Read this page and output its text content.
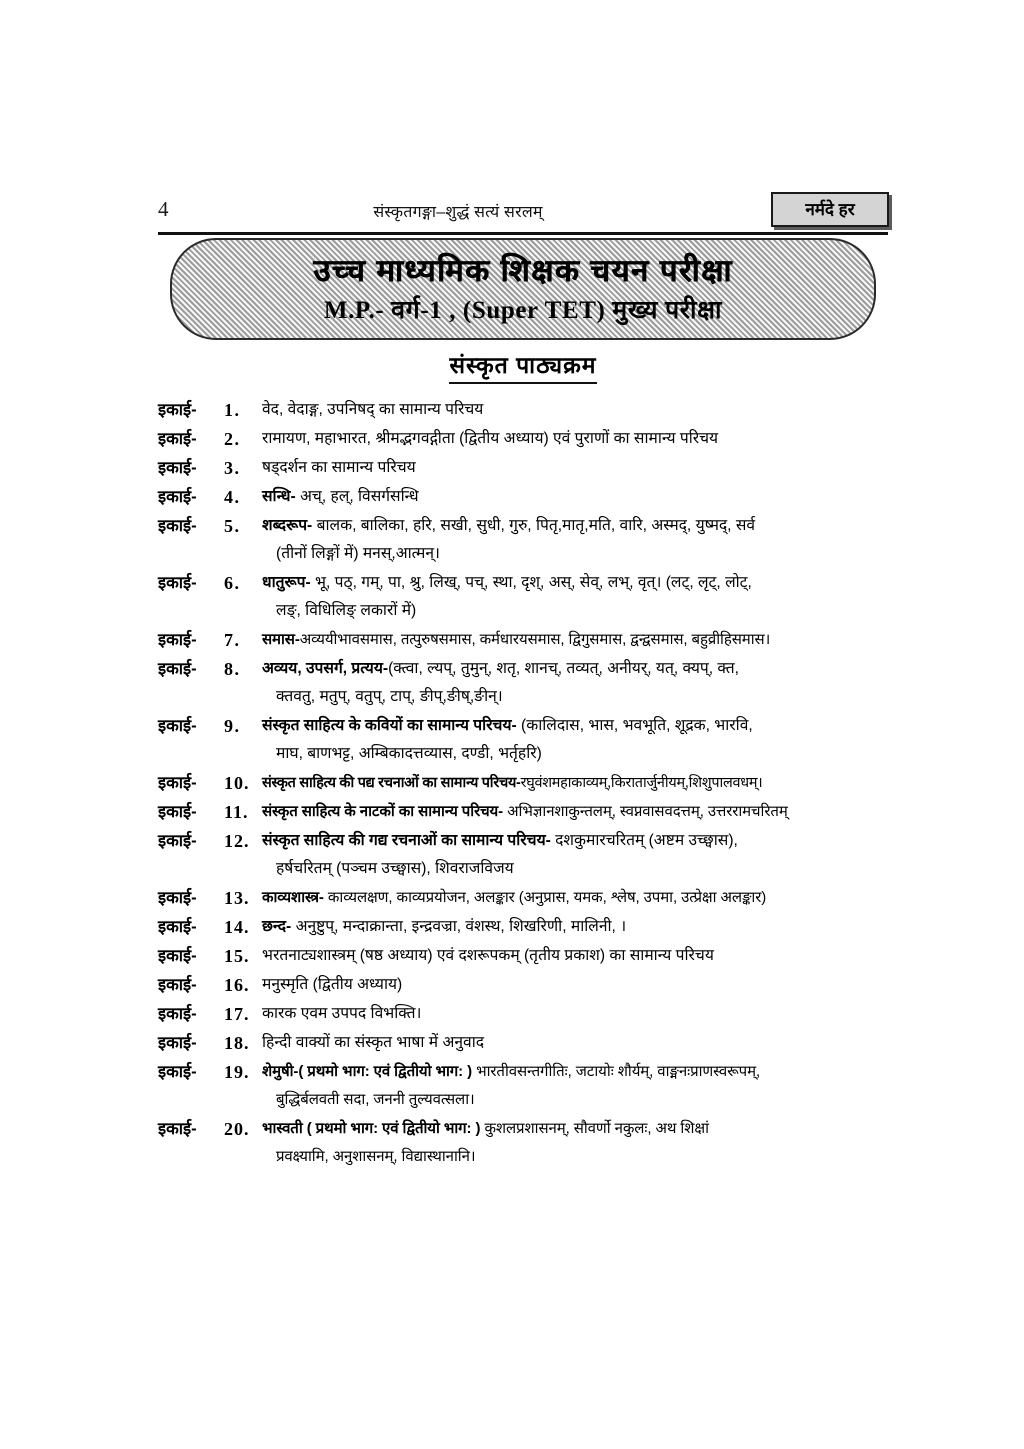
4	संस्कृतगङ्गा–शुद्धं सत्यं सरलम्	नर्मदे हर
उच्च माध्यमिक शिक्षक चयन परीक्षा
M.P.- वर्ग-1 , (Super TET) मुख्य परीक्षा
संस्कृत पाठ्यक्रम
इकाई-	1.	वेद, वेदाङ्ग, उपनिषद् का सामान्य परिचय
इकाई-	2.	रामायण, महाभारत, श्रीमद्भगवद्गीता (द्वितीय अध्याय) एवं पुराणों का सामान्य परिचय
इकाई-	3.	षड्दर्शन का सामान्य परिचय
इकाई-	4.	सन्धि- अच्, हल्, विसर्गसन्धि
इकाई-	5.	शब्दरूप- बालक, बालिका, हरि, सखी, सुधी, गुरु, पितृ,मातृ,मति, वारि, अस्मद्, युष्मद्, सर्व
(तीनों लिङ्गों में) मनस्,आत्मन्।
इकाई-	6.	धातुरूप- भू, पठ्, गम्, पा, श्रु, लिख्, पच्, स्था, दृश्, अस्, सेव्, लभ्, वृत्। (लट्, लृट्, लोट्,
लङ्, विधिलिङ् लकारों में)
इकाई-	7.	समास-अव्ययीभावसमास, तत्पुरुषसमास, कर्मधारयसमास, द्विगुसमास, द्वन्द्वसमास, बहुव्रीहिसमास।
इकाई-	8.	अव्यय, उपसर्ग, प्रत्यय-(क्त्वा, ल्यप्, तुमुन्, शतृ, शानच्, तव्यत्, अनीयर्, यत्, क्यप्, क्त,
क्तवतु, मतुप्, वतुप्, टाप्, ङीप्,ङीष्,ङीन्।
इकाई-	9.	संस्कृत साहित्य के कवियों का सामान्य परिचय- (कालिदास, भास, भवभूति, शूद्रक, भारवि,
माघ, बाणभट्ट, अम्बिकादत्तव्यास, दण्डी, भर्तृहरि)
इकाई-	10. संस्कृत साहित्य की पद्य रचनाओं का सामान्य परिचय-रघुवंशमहाकाव्यम्,किरातार्जुनीयम्,शिशुपालवधम्।
इकाई-	11. संस्कृत साहित्य के नाटकों का सामान्य परिचय- अभिज्ञानशाकुन्तलम्, स्वप्नवासवदत्तम्, उत्तररामचरितम्
इकाई-	12. संस्कृत साहित्य की गद्य रचनाओं का सामान्य परिचय- दशकुमारचरितम् (अष्टम उच्छ्वास),
हर्षचरितम् (पञ्चम उच्छ्वास), शिवराजविजय
इकाई-	13. काव्यशास्त्र- काव्यलक्षण, काव्यप्रयोजन, अलङ्कार (अनुप्रास, यमक, श्लेष, उपमा, उत्प्रेक्षा अलङ्कार)
इकाई-	14. छन्द- अनुष्टुप्, मन्दाक्रान्ता, इन्द्रवज्रा, वंशस्थ, शिखरिणी, मालिनी, ।
इकाई-	15. भरतनाट्यशास्त्रम् (षष्ठ अध्याय) एवं दशरूपकम् (तृतीय प्रकाश) का सामान्य परिचय
इकाई-	16. मनुस्मृति (द्वितीय अध्याय)
इकाई-	17. कारक एवम उपपद विभक्ति।
इकाई-	18. हिन्दी वाक्यों का संस्कृत भाषा में अनुवाद
इकाई-	19. शेमुषी-( प्रथमो भाग: एवं द्वितीयो भाग: ) भारतीवसन्तगीतिः, जटायोः शौर्यम्, वाङ्मनःप्राणस्वरूपम्,
बुद्धिर्बलवती सदा, जननी तुल्यवत्सला।
इकाई-	20. भास्वती ( प्रथमो भाग: एवं द्वितीयो भाग: ) कुशलप्रशासनम्, सौवर्णो नकुलः, अथ शिक्षां
प्रवक्ष्यामि, अनुशासनम्, विद्यास्थानानि।
